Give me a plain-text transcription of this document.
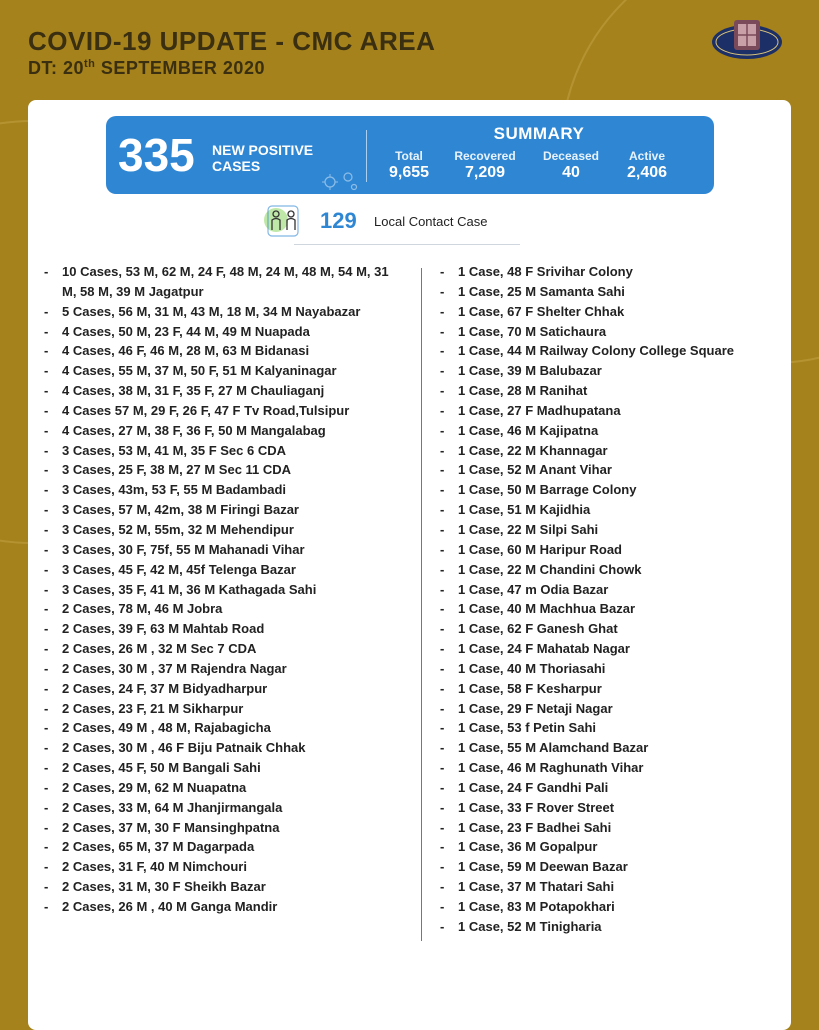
COVID-19 UPDATE - CMC AREA
DT: 20th SEPTEMBER 2020
335 NEW POSITIVE CASES
SUMMARY
Total
9,655
Recovered
7,209
Deceased
40
Active
2,406
129 Local Contact Case
- 10 Cases, 53 M, 62 M, 24 F, 48 M, 24 M, 48 M, 54 M, 31 M, 58 M, 39 M Jagatpur
- 5 Cases, 56 M, 31 M, 43 M, 18 M, 34 M Nayabazar
- 4 Cases, 50 M, 23 F, 44 M, 49 M Nuapada
- 4 Cases, 46 F, 46 M, 28 M, 63 M Bidanasi
- 4 Cases, 55 M, 37 M, 50 F, 51 M Kalyaninagar
- 4 Cases, 38 M, 31 F, 35 F, 27 M Chauliaganj
- 4 Cases 57 M, 29 F, 26 F, 47 F Tv Road,Tulsipur
- 4 Cases, 27 M, 38 F, 36 F, 50 M Mangalabag
- 3 Cases, 53 M, 41 M, 35 F Sec 6 CDA
- 3 Cases, 25 F, 38 M, 27 M Sec 11 CDA
- 3 Cases, 43m, 53 F, 55 M Badambadi
- 3 Cases, 57 M, 42m, 38 M Firingi Bazar
- 3 Cases, 52 M, 55m, 32 M Mehendipur
- 3 Cases, 30 F, 75f, 55 M Mahanadi Vihar
- 3 Cases, 45 F, 42 M, 45f Telenga Bazar
- 3 Cases, 35 F, 41 M, 36 M Kathagada Sahi
- 2 Cases, 78 M, 46 M Jobra
- 2 Cases, 39 F, 63 M Mahtab Road
- 2 Cases, 26 M , 32 M Sec 7 CDA
- 2 Cases, 30 M , 37 M Rajendra Nagar
- 2 Cases, 24 F, 37 M Bidyadharpur
- 2 Cases, 23 F, 21 M Sikharpur
- 2 Cases, 49 M , 48 M, Rajabagicha
- 2 Cases, 30 M , 46 F Biju Patnaik Chhak
- 2 Cases, 45 F, 50 M Bangali Sahi
- 2 Cases, 29 M, 62 M Nuapatna
- 2 Cases, 33 M, 64 M Jhanjirmangala
- 2 Cases, 37 M, 30 F Mansinghpatna
- 2 Cases, 65 M, 37 M Dagarpada
- 2 Cases, 31 F, 40 M Nimchouri
- 2 Cases, 31 M, 30 F Sheikh Bazar
- 2 Cases, 26 M , 40 M Ganga Mandir
- 1 Case, 48 F Srivihar Colony
- 1 Case, 25 M Samanta Sahi
- 1 Case, 67 F Shelter Chhak
- 1 Case, 70 M Satichaura
- 1 Case, 44 M Railway Colony College Square
- 1 Case, 39 M Balubazar
- 1 Case, 28 M Ranihat
- 1 Case, 27 F Madhupatana
- 1 Case, 46 M Kajipatna
- 1 Case, 22 M Khannagar
- 1 Case, 52 M Anant Vihar
- 1 Case, 50 M Barrage Colony
- 1 Case, 51 M Kajidhia
- 1 Case, 22 M Silpi Sahi
- 1 Case, 60 M Haripur Road
- 1 Case, 22 M Chandini Chowk
- 1 Case, 47 m Odia Bazar
- 1 Case, 40 M Machhua Bazar
- 1 Case, 62 F Ganesh Ghat
- 1 Case, 24 F Mahatab Nagar
- 1 Case, 40 M Thoriasahi
- 1 Case, 58 F Kesharpur
- 1 Case, 29 F Netaji Nagar
- 1 Case, 53 f Petin Sahi
- 1 Case, 55 M Alamchand Bazar
- 1 Case, 46 M Raghunath Vihar
- 1 Case, 24 F Gandhi Pali
- 1 Case, 33 F Rover Street
- 1 Case, 23 F Badhei Sahi
- 1 Case, 36 M Gopalpur
- 1 Case, 59 M Deewan Bazar
- 1 Case, 37 M Thatari Sahi
- 1 Case, 83 M Potapokhari
- 1 Case, 52 M Tinigharia
